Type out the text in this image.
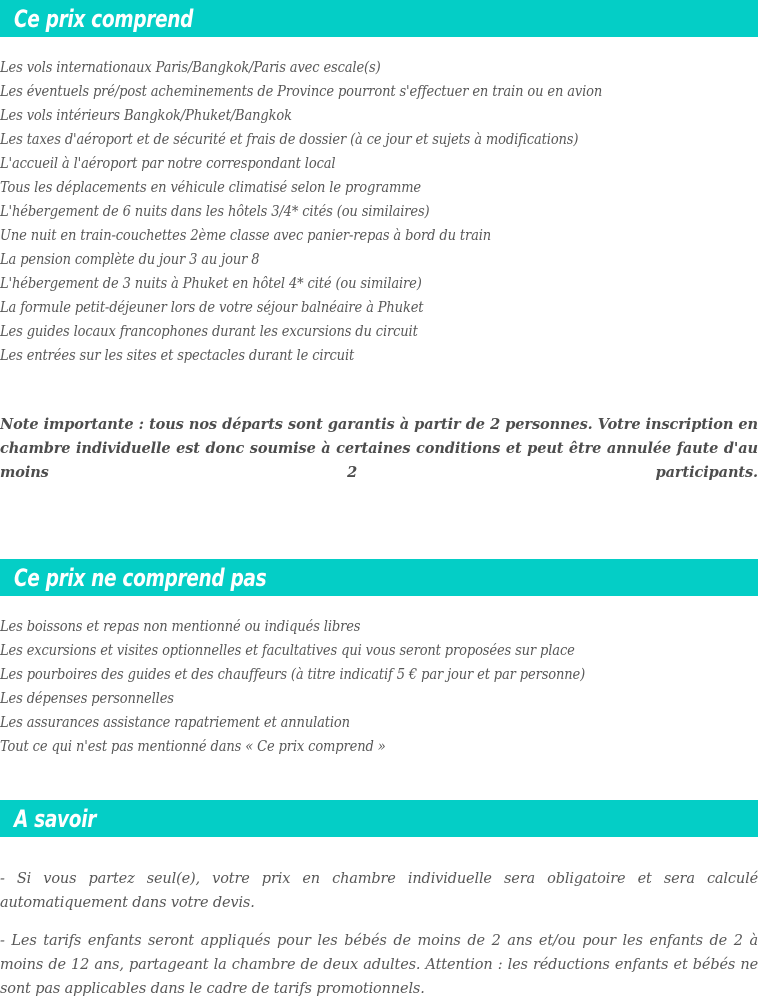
Ce prix comprend
Les vols internationaux Paris/Bangkok/Paris avec escale(s)
Les éventuels pré/post acheminements de Province pourront s'effectuer en train ou en avion
Les vols intérieurs Bangkok/Phuket/Bangkok
Les taxes d'aéroport et de sécurité et frais de dossier (à ce jour et sujets à modifications)
L'accueil à l'aéroport par notre correspondant local
Tous les déplacements en véhicule climatisé selon le programme
L'hébergement de 6 nuits dans les hôtels 3/4* cités (ou similaires)
Une nuit en train-couchettes 2ème classe avec panier-repas à bord du train
La pension complète du jour 3 au jour 8
L'hébergement de 3 nuits à Phuket en hôtel 4* cité (ou similaire)
La formule petit-déjeuner lors de votre séjour balnéaire à Phuket
Les guides locaux francophones durant les excursions du circuit
Les entrées sur les sites et spectacles durant le circuit

Note importante : tous nos départs sont garantis à partir de 2 personnes. Votre inscription en chambre individuelle est donc soumise à certaines conditions et peut être annulée faute d'au moins 2 participants.

Ce prix ne comprend pas
Les boissons et repas non mentionné ou indiqués libres
Les excursions et visites optionnelles et facultatives qui vous seront proposées sur place
Les pourboires des guides et des chauffeurs (à titre indicatif 5 € par jour et par personne)
Les dépenses personnelles
Les assurances assistance rapatriement et annulation
Tout ce qui n'est pas mentionné dans « Ce prix comprend »
A savoir

- Si vous partez seul(e), votre prix en chambre individuelle sera obligatoire et sera calculé automatiquement dans votre devis.

- Les tarifs enfants seront appliqués pour les bébés de moins de 2 ans et/ou pour les enfants de 2 à moins de 12 ans, partageant la chambre de deux adultes. Attention : les réductions enfants et bébés ne sont pas applicables dans le cadre de tarifs promotionnels.
